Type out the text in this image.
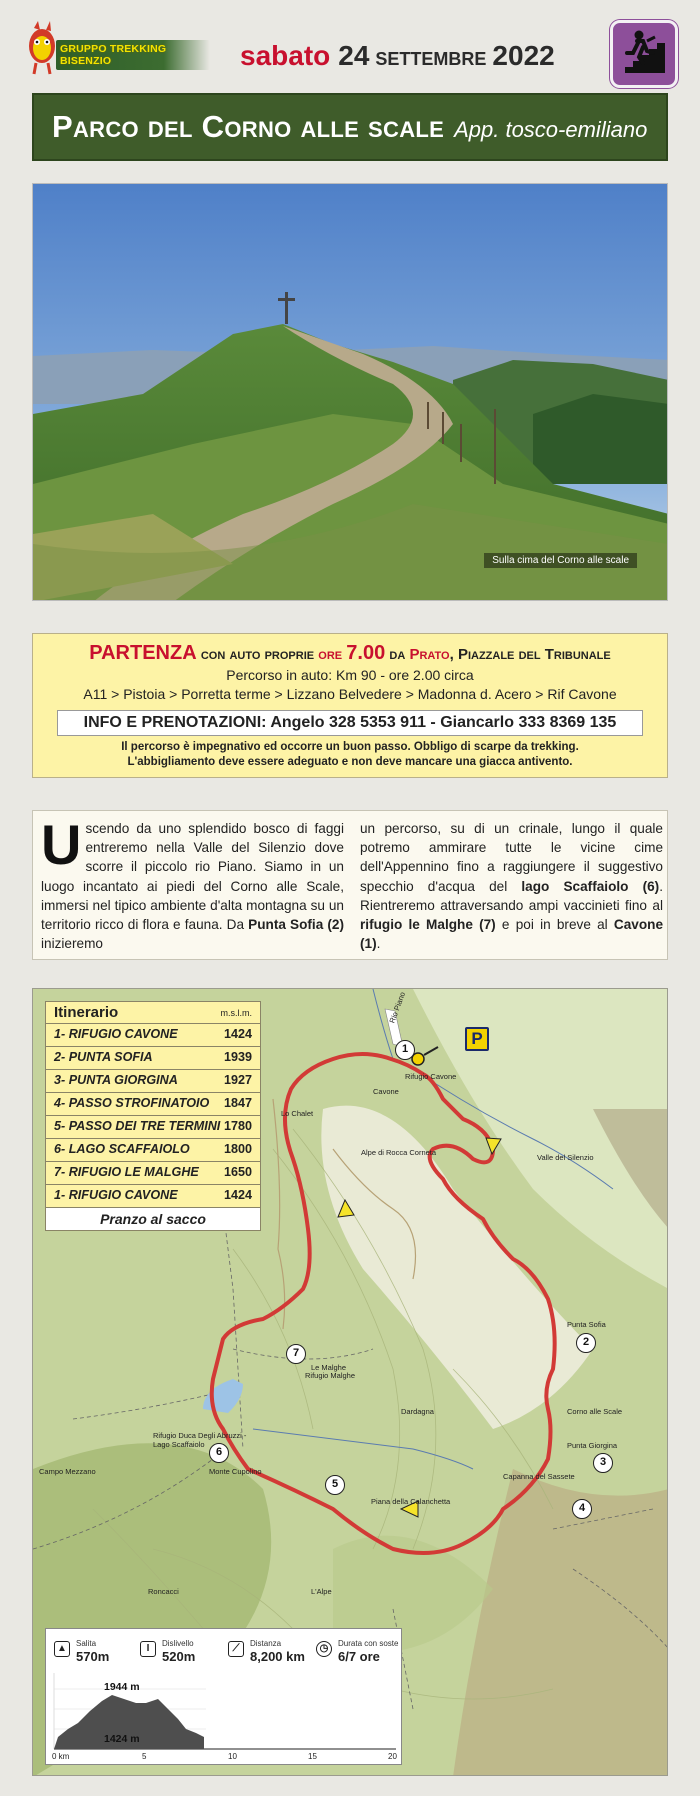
GRUPPO TREKKING BISENZIO	sabato 24 settembre 2022
Parco del Corno alle scale App. tosco-emiliano
Sulla cima del Corno alle scale
PARTENZA con auto proprie ore 7.00 da Prato, Piazzale del Tribunale
Percorso in auto: Km 90 - ore 2.00 circa
A11 > Pistoia > Porretta terme > Lizzano Belvedere > Madonna d. Acero > Rif Cavone
INFO E PRENOTAZIONI: Angelo 328 5353 911 - Giancarlo 333 8369 135
Il percorso è impegnativo ed occorre un buon passo. Obbligo di scarpe da trekking.
L'abbigliamento deve essere adeguato e non deve mancare una giacca antivento.
Uscendo da uno splendido bosco di faggi entreremo nella Valle del Silenzio dove scorre il piccolo rio Piano. Siamo in un luogo incantato ai piedi del Corno alle Scale, immersi nel tipico ambiente d'alta montagna su un territorio ricco di flora e fauna. Da Punta Sofia (2) inizieremo
un percorso, su di un crinale, lungo il quale potremo ammirare tutte le vicine cime dell'Appennino fino a raggiungere il suggestivo specchio d'acqua del lago Scaffaiolo (6). Rientreremo attraversando ampi vaccinieti fino al rifugio le Malghe (7) e poi in breve al Cavone (1).
P
1
2
3
4
5
6
7
Rifugio Cavone
Cavone
Lo Chalet
Alpe di Rocca Corneta
Valle del Silenzio
Punta Sofia
Corno alle Scale
Punta Giorgina
Capanna del Sassete
Le Malghe
Rifugio Malghe
Rifugio Duca Degli Abruzzi -
Lago Scaffaiolo
Monte Cupolino
Campo Mezzano
Piana della Calanchetta
Dardagna
Roncacci	L'Alpe
Rio Piano
Itinerario	m.s.l.m.
1- RIFUGIO CAVONE	1424
2- PUNTA SOFIA	1939
3- PUNTA GIORGINA	1927
4- PASSO STROFINATOIO 1847
5- PASSO DEI TRE TERMINI 1780
6- LAGO SCAFFAIOLO	1800
7- RIFUGIO LE MALGHE 1650
1- RIFUGIO CAVONE	1424
Pranzo al sacco
▲	Salita
570m
I	Dislivello
520m
⟋	Distanza
8,200 km
◷	Durata con soste
6/7 ore
1944 m
1424 m
0 km	5	10	15	20
